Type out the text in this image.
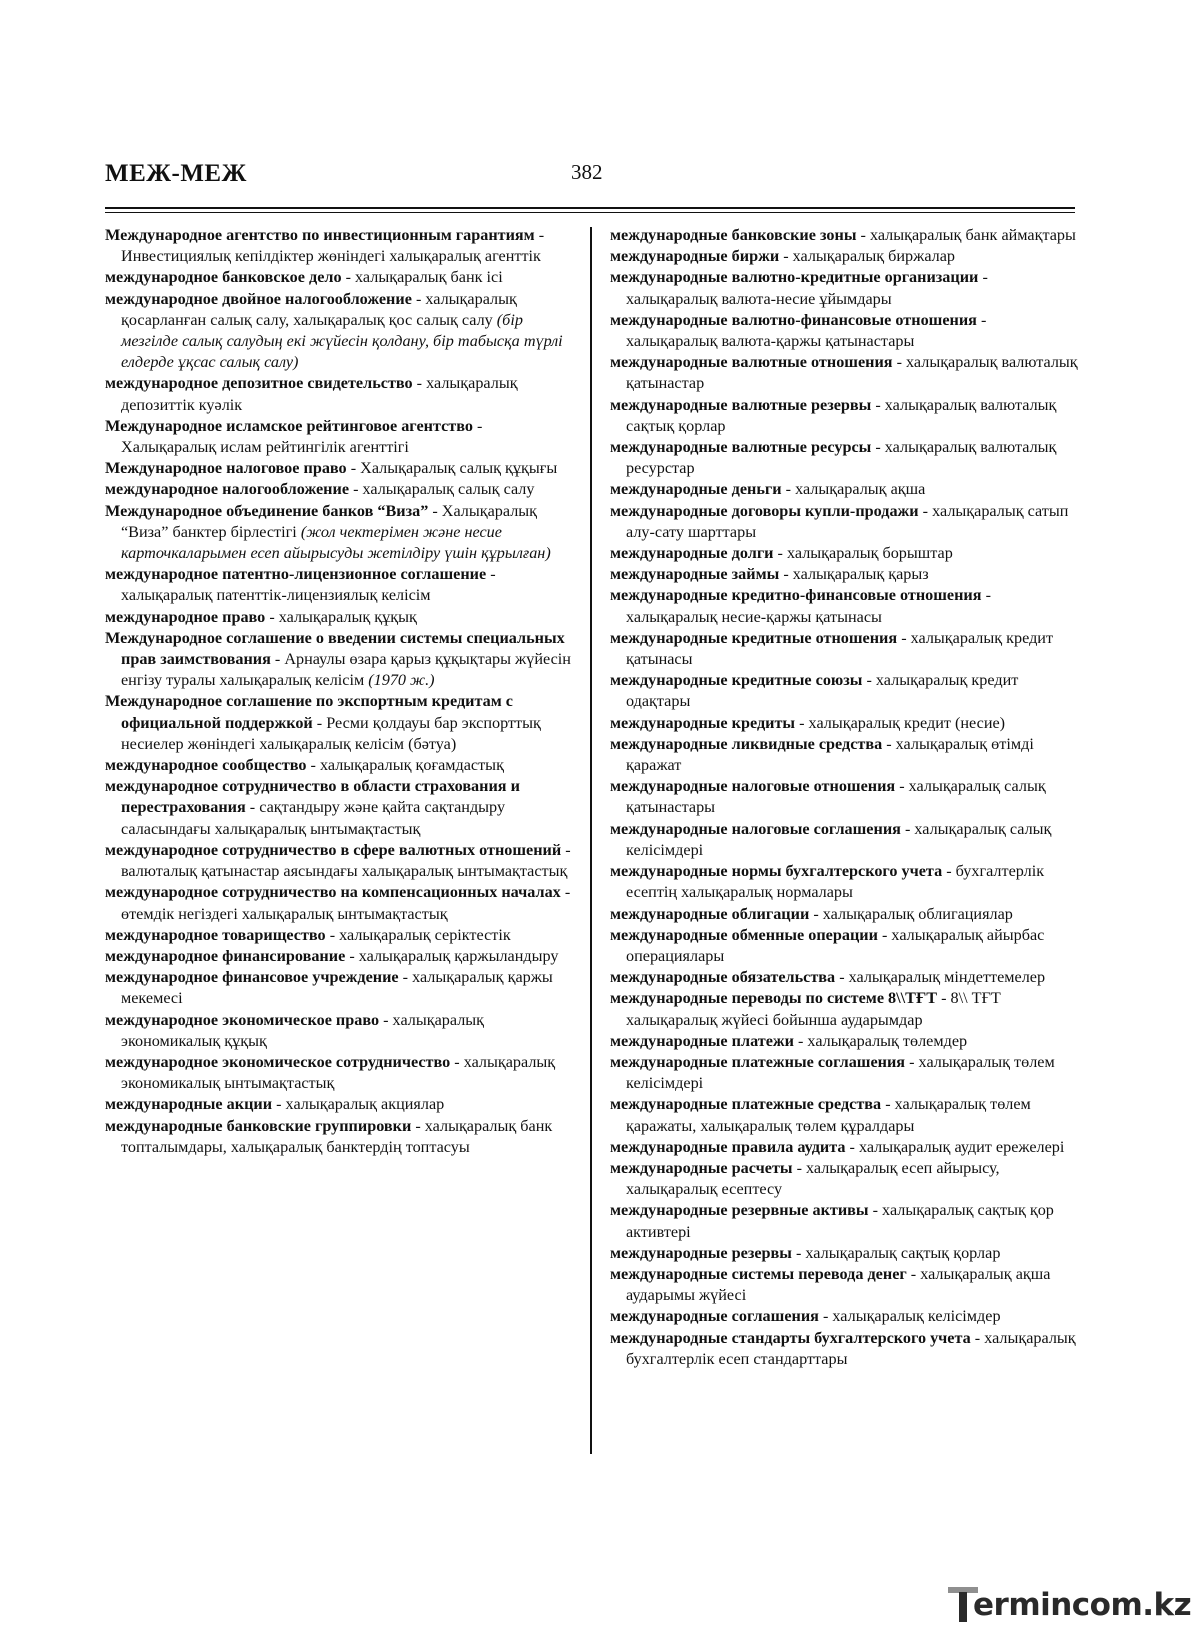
МЕЖ-МЕЖ	382

Международное агентство по инвестиционным гарантиям - Инвестициялық кепілдіктер жөніндегі халықаралық агенттік

международное банковское дело - халықаралық банк ісі

международное двойное налогообложение - халықаралық қосарланған салық салу, халықаралық қос салық салу (бір мезгілде салық салудың екі жүйесін қолдану, бір табысқа түрлі елдерде ұқсас салық салу)

международное депозитное свидетельство - халықаралық депозиттік куәлік

Международное исламское рейтинговое агентство - Халықаралық ислам рейтингілік агенттігі

Международное налоговое право - Халықаралық салық құқығы

международное налогообложение - халықаралық салық салу

Международное объединение банков “Виза” - Халықаралық “Виза” банктер бірлестігі (жол чектерімен және несие карточкаларымен есеп айырысуды жетілдіру үшін құрылған)

международное патентно-лицензионное соглашение - халықаралық патенттік-лицензиялық келісім

международное право - халықаралық құқық

Международное соглашение о введении системы специальных прав заимствования - Арнаулы өзара қарыз құқықтары жүйесін енгізу туралы халықаралық келісім (1970 ж.)

Международное соглашение по экспортным кредитам с официальной поддержкой - Ресми қолдауы бар экспорттық несиелер жөніндегі халықаралық келісім (бәтуа)

международное сообщество - халықаралық қоғамдастық

международное сотрудничество в области страхования и перестрахования - сақтандыру және қайта сақтандыру саласындағы халықаралық ынтымақтастық

международное сотрудничество в сфере валютных отношений - валюталық қатынастар аясындағы халықаралық ынтымақтастық

международное сотрудничество на компенсационных началах - өтемдік негіздегі халықаралық ынтымақтастық

международное товарищество - халықаралық серіктестік

международное финансирование - халықаралық қаржыландыру

международное финансовое учреждение - халықаралық қаржы мекемесі

международное экономическое право - халықаралық экономикалық құқық

международное экономическое сотрудничество - халықаралық экономикалық ынтымақтастық

международные акции - халықаралық акциялар

международные банковские группировки - халықаралық банк топталымдары, халықаралық банктердің топтасуы

международные банковские зоны - халықаралық банк аймақтары

международные биржи - халықаралық биржалар

международные валютно-кредитные организации - халықаралық валюта-несие ұйымдары

международные валютно-финансовые отношения - халықаралық валюта-қаржы қатынастары

международные валютные отношения - халықаралық валюталық қатынастар

международные валютные резервы - халықаралық валюталық сақтық қорлар

международные валютные ресурсы - халықаралық валюталық ресурстар

международные деньги - халықаралық ақша

международные договоры купли-продажи - халықаралық сатып алу-сату шарттары

международные долги - халықаралық борыштар

международные займы - халықаралық қарыз

международные кредитно-финансовые отношения - халықаралық несие-қаржы қатынасы

международные кредитные отношения - халықаралық кредит қатынасы

международные кредитные союзы - халықаралық кредит одақтары

международные кредиты - халықаралық кредит (несие)

международные ликвидные средства - халықаралық өтімді қаражат

международные налоговые отношения - халықаралық салық қатынастары

международные налоговые соглашения - халықаралық салық келісімдері

международные нормы бухгалтерского учета - бухгалтерлік есептің халықаралық нормалары

международные облигации - халықаралық облигациялар

международные обменные операции - халықаралық айырбас операциялары

международные обязательства - халықаралық міндеттемелер

международные переводы по системе 8\\ТҒТ - 8\\ ТҒТ халықаралық жүйесі бойынша аударымдар

международные платежи - халықаралық төлемдер

международные платежные соглашения - халықаралық төлем келісімдері

международные платежные средства - халықаралық төлем қаражаты, халықаралық төлем құралдары

международные правила аудита - халықаралық аудит ережелері

международные расчеты - халықаралық есеп айырысу, халықаралық есептесу

международные резервные активы - халықаралық сақтық қор активтері

международные резервы - халықаралық сақтық қорлар

международные системы перевода денег - халықаралық ақша аударымы жүйесі

международные соглашения - халықаралық келісімдер

международные стандарты бухгалтерского учета - халықаралық бухгалтерлік есеп стандарттары

ermincom.kz
